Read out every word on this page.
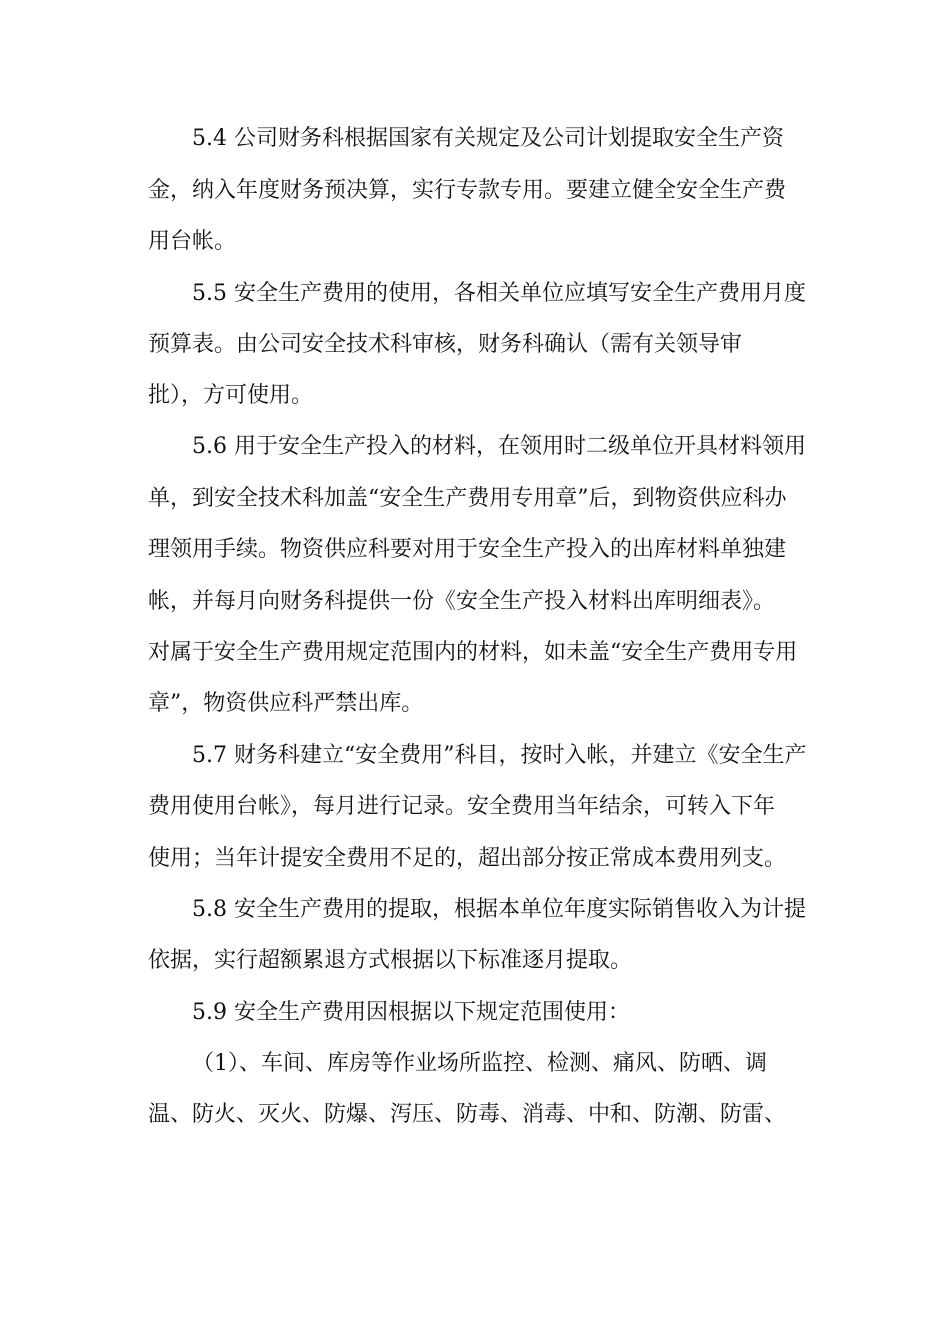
5.4 公司财务科根据国家有关规定及公司计划提取安全生产资
金，纳入年度财务预决算，实行专款专用。要建立健全安全生产费
用台帐。
5.5 安全生产费用的使用，各相关单位应填写安全生产费用月度
预算表。由公司安全技术科审核，财务科确认（需有关领导审
批），方可使用。
5.6 用于安全生产投入的材料，在领用时二级单位开具材料领用
单，到安全技术科加盖“安全生产费用专用章”后，到物资供应科办
理领用手续。物资供应科要对用于安全生产投入的出库材料单独建
帐，并每月向财务科提供一份《安全生产投入材料出库明细表》。
对属于安全生产费用规定范围内的材料，如未盖“安全生产费用专用
章”，物资供应科严禁出库。
5.7 财务科建立“安全费用”科目，按时入帐，并建立《安全生产
费用使用台帐》，每月进行记录。安全费用当年结余，可转入下年
使用；当年计提安全费用不足的，超出部分按正常成本费用列支。
5.8 安全生产费用的提取，根据本单位年度实际销售收入为计提
依据，实行超额累退方式根据以下标准逐月提取。
5.9 安全生产费用因根据以下规定范围使用：
（1）、车间、库房等作业场所监控、检测、痛风、防晒、调
温、防火、灭火、防爆、泻压、防毒、消毒、中和、防潮、防雷、
